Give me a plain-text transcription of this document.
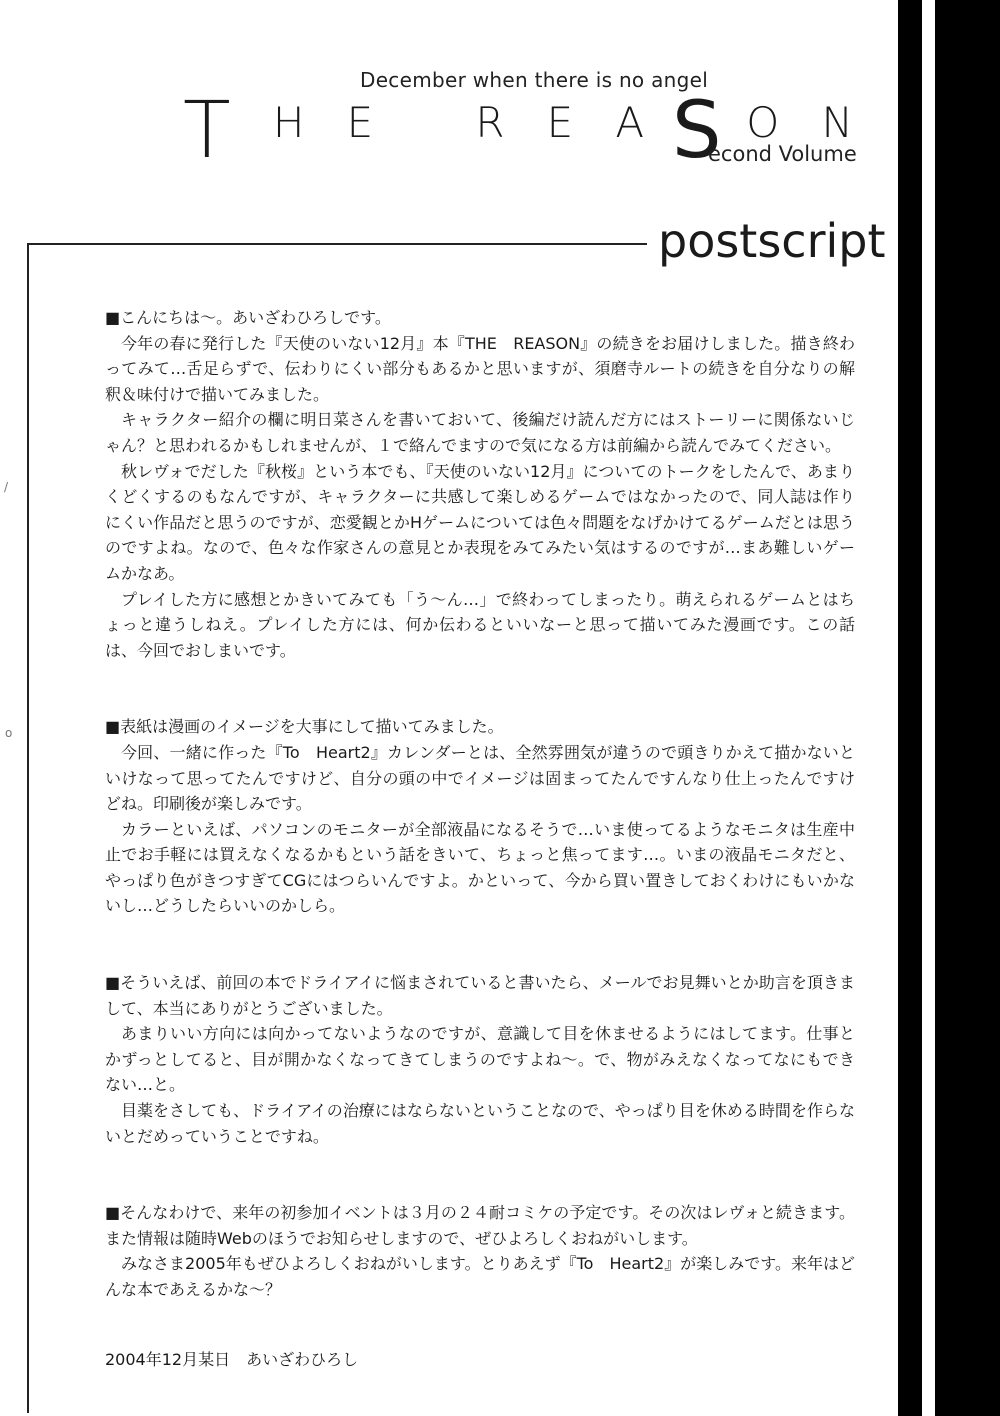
December when there is no angel
T H E R E A O N
S
econd Volume
postscript

■こんにちは〜。あいざわひろしです。

今年の春に発行した『天使のいない12月』本『THE　REASON』の続きをお届けしました。描き終わってみて…舌足らずで、伝わりにくい部分もあるかと思いますが、須磨寺ルートの続きを自分なりの解釈＆味付けで描いてみました。

キャラクター紹介の欄に明日菜さんを書いておいて、後編だけ読んだ方にはストーリーに関係ないじゃん？と思われるかもしれませんが、１で絡んでますので気になる方は前編から読んでみてください。

秋レヴォでだした『秋桜』という本でも、『天使のいない12月』についてのトークをしたんで、あまりくどくするのもなんですが、キャラクターに共感して楽しめるゲームではなかったので、同人誌は作りにくい作品だと思うのですが、恋愛観とかHゲームについては色々問題をなげかけてるゲームだとは思うのですよね。なので、色々な作家さんの意見とか表現をみてみたい気はするのですが…まあ難しいゲームかなあ。

プレイした方に感想とかきいてみても「う〜ん…」で終わってしまったり。萌えられるゲームとはちょっと違うしねえ。プレイした方には、何か伝わるといいなーと思って描いてみた漫画です。この話は、今回でおしまいです。

■表紙は漫画のイメージを大事にして描いてみました。

今回、一緒に作った『To　Heart2』カレンダーとは、全然雰囲気が違うので頭きりかえて描かないといけなって思ってたんですけど、自分の頭の中でイメージは固まってたんですんなり仕上ったんですけどね。印刷後が楽しみです。

カラーといえば、パソコンのモニターが全部液晶になるそうで…いま使ってるようなモニタは生産中止でお手軽には買えなくなるかもという話をきいて、ちょっと焦ってます…。いまの液晶モニタだと、やっぱり色がきつすぎてCGにはつらいんですよ。かといって、今から買い置きしておくわけにもいかないし…どうしたらいいのかしら。

■そういえば、前回の本でドライアイに悩まされていると書いたら、メールでお見舞いとか助言を頂きまして、本当にありがとうございました。

あまりいい方向には向かってないようなのですが、意識して目を休ませるようにはしてます。仕事とかずっとしてると、目が開かなくなってきてしまうのですよね〜。で、物がみえなくなってなにもできない…と。

目薬をさしても、ドライアイの治療にはならないということなので、やっぱり目を休める時間を作らないとだめっていうことですね。

■そんなわけで、来年の初参加イベントは３月の２４耐コミケの予定です。その次はレヴォと続きます。また情報は随時Webのほうでお知らせしますので、ぜひよろしくおねがいします。

みなさま2005年もぜひよろしくおねがいします。とりあえず『To　Heart2』が楽しみです。来年はどんな本であえるかな〜？

2004年12月某日　あいざわひろし
/
o
